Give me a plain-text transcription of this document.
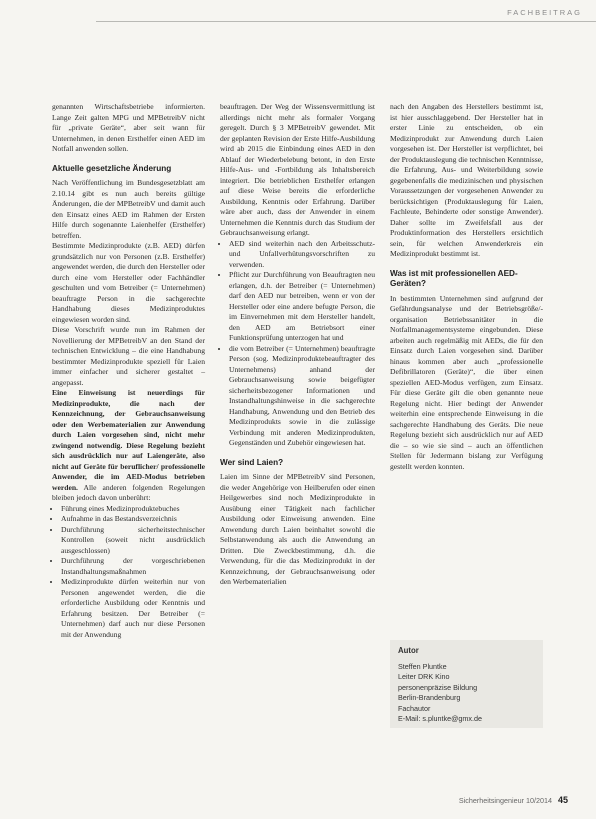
FACHBEITRAG

genannten Wirtschaftsbetriebe informierten. Lange Zeit galten MPG und MPBetreibV nicht für „private Geräte“, aber seit wann für Unternehmen, in denen Ersthelfer einen AED im Notfall anwenden sollen.

Aktuelle gesetzliche Änderung

Nach Veröffentlichung im Bundesgesetzblatt am 2.10.14 gibt es nun auch bereits gültige Änderungen, die der MPBetreibV und damit auch den Einsatz eines AED im Rahmen der Ersten Hilfe durch sogenannte Laienhelfer (Ersthelfer) betreffen.

Bestimmte Medizinprodukte (z.B. AED) dürfen grundsätzlich nur von Personen (z.B. Ersthelfer) angewendet werden, die durch den Hersteller oder durch eine vom Hersteller oder Fachhändler geschulten und vom Betreiber (= Unternehmen) beauftragte Person in die sachgerechte Handhabung dieses Medizinproduktes eingewiesen worden sind.

Diese Vorschrift wurde nun im Rahmen der Novellierung der MPBetreibV an den Stand der technischen Entwicklung – die eine Handhabung bestimmter Medizinprodukte speziell für Laien immer einfacher und sicherer gestaltet – angepasst.

Eine Einweisung ist neuerdings für Medizinprodukte, die nach der Kennzeichnung, der Gebrauchsanweisung oder den Werbematerialien zur Anwendung durch Laien vorgesehen sind, nicht mehr zwingend notwendig. Diese Regelung bezieht sich ausdrücklich nur auf Laiengeräte, also nicht auf Geräte für beruflicher/ professionelle Anwender, die im AED-Modus betrieben werden. Alle anderen folgenden Regelungen bleiben jedoch davon unberührt:

• Führung eines Medizinproduktebuches
• Aufnahme in das Bestandsverzeichnis
• Durchführung sicherheitstechnischer Kontrollen (soweit nicht ausdrücklich ausgeschlossen)
• Durchführung der vorgeschriebenen Instandhaltungsmaßnahmen
• Medizinprodukte dürfen weiterhin nur von Personen angewendet werden, die die erforderliche Ausbildung oder Kenntnis und Erfahrung besitzen. Der Betreiber (= Unternehmen) darf auch nur diese Personen mit der Anwendung

beauftragen. Der Weg der Wissensvermittlung ist allerdings nicht mehr als formaler Vorgang geregelt. Durch § 3 MPBetreibV gewendet. Mit der geplanten Revision der Erste Hilfe-Ausbildung wird ab 2015 die Einbindung eines AED in den Ablauf der Wiederbelebung betont, in den Erste Hilfe-Aus- und -Fortbildung als Inhaltsbereich integriert. Die betrieblichen Ersthelfer erlangen auf diese Weise bereits die erforderliche Ausbildung, Kenntnis oder Erfahrung. Darüber wäre aber auch, dass der Anwender in einem Unternehmen die Kenntnis durch das Studium der Gebrauchsanweisung erlangt.

• AED sind weiterhin nach den Arbeitsschutz- und Unfallverhütungsvorschriften zu verwenden.
• Pflicht zur Durchführung von Beauftragten neu erlangen, d.h. der Betreiber (= Unternehmen) darf den AED nur betreiben, wenn er von der Hersteller oder eine andere befugte Person, die im Einvernehmen mit dem Hersteller handelt, den AED am Betriebsort einer Funktionsprüfung unterzogen hat und
• die vom Betreiber (= Unternehmen) beauftragte Person (sog. Medizinproduktebeauftragter des Unternehmens) anhand der Gebrauchsanweisung sowie beigefügter sicherheitsbezogener Informationen und Instandhaltungshinweise in die sachgerechte Handhabung, Anwendung und den Betrieb des Medizinprodukts sowie in die zulässige Verbindung mit anderen Medizinprodukten, Gegenständen und Zubehör eingewiesen hat.
Wer sind Laien?

Laien im Sinne der MPBetreibV sind Personen, die weder Angehörige von Heilberufen oder einen Heilgewerbes sind noch Medizinprodukte in Ausübung einer Tätigkeit nach fachlicher Ausbildung oder Einweisung anwenden. Eine Anwendung durch Laien beinhaltet sowohl die Selbstanwendung als auch die Anwendung an Dritten. Die Zweckbestimmung, d.h. die Verwendung, für die das Medizinprodukt in der Kennzeichnung, der Gebrauchsanweisung oder den Werbematerialien

nach den Angaben des Herstellers bestimmt ist, ist hier ausschlaggebend. Der Hersteller hat in erster Linie zu entscheiden, ob ein Medizinprodukt zur Anwendung durch Laien vorgesehen ist. Der Hersteller ist verpflichtet, bei der Produktauslegung die technischen Kenntnisse, die Erfahrung, Aus- und Weiterbildung sowie gegebenenfalls die medizinischen und physischen Voraussetzungen der vorgesehenen Anwender zu berücksichtigen (Produktauslegung für Laien, Fachleute, Behinderte oder sonstige Anwender). Daher sollte im Zweifelsfall aus der Produktinformation des Herstellers ersichtlich sein, für welchen Anwenderkreis ein Medizinprodukt bestimmt ist.

Was ist mit professionellen AED-Geräten?

In bestimmten Unternehmen sind aufgrund der Gefährdungsanalyse und der Betriebsgröße/-organisation Betriebssanitäter in die Notfallmanagementsysteme eingebunden. Diese arbeiten auch regelmäßig mit AEDs, die für den Einsatz durch Laien vorgesehen sind. Darüber hinaus kommen aber auch „professionelle Defibrillatoren (Geräte)“, die über einen speziellen AED-Modus verfügen, zum Einsatz. Für diese Geräte gilt die oben genannte neue Regelung nicht. Hier bedingt der Anwender weiterhin eine entsprechende Einweisung in die sachgerechte Handhabung des Geräts. Die neue Regelung bezieht sich ausdrücklich nur auf AED die – so wie sie sind – auch an öffentlichen Stellen für Jedermann bislang zur Verfügung gestellt werden konnten.

Autor
Steffen Pluntke
Leiter DRK Kino
personenpräzise Bildung
Berlin-Brandenburg
Fachautor
E-Mail: s.pluntke@gmx.de
Sicherheitsingenieur 10/2014 45
